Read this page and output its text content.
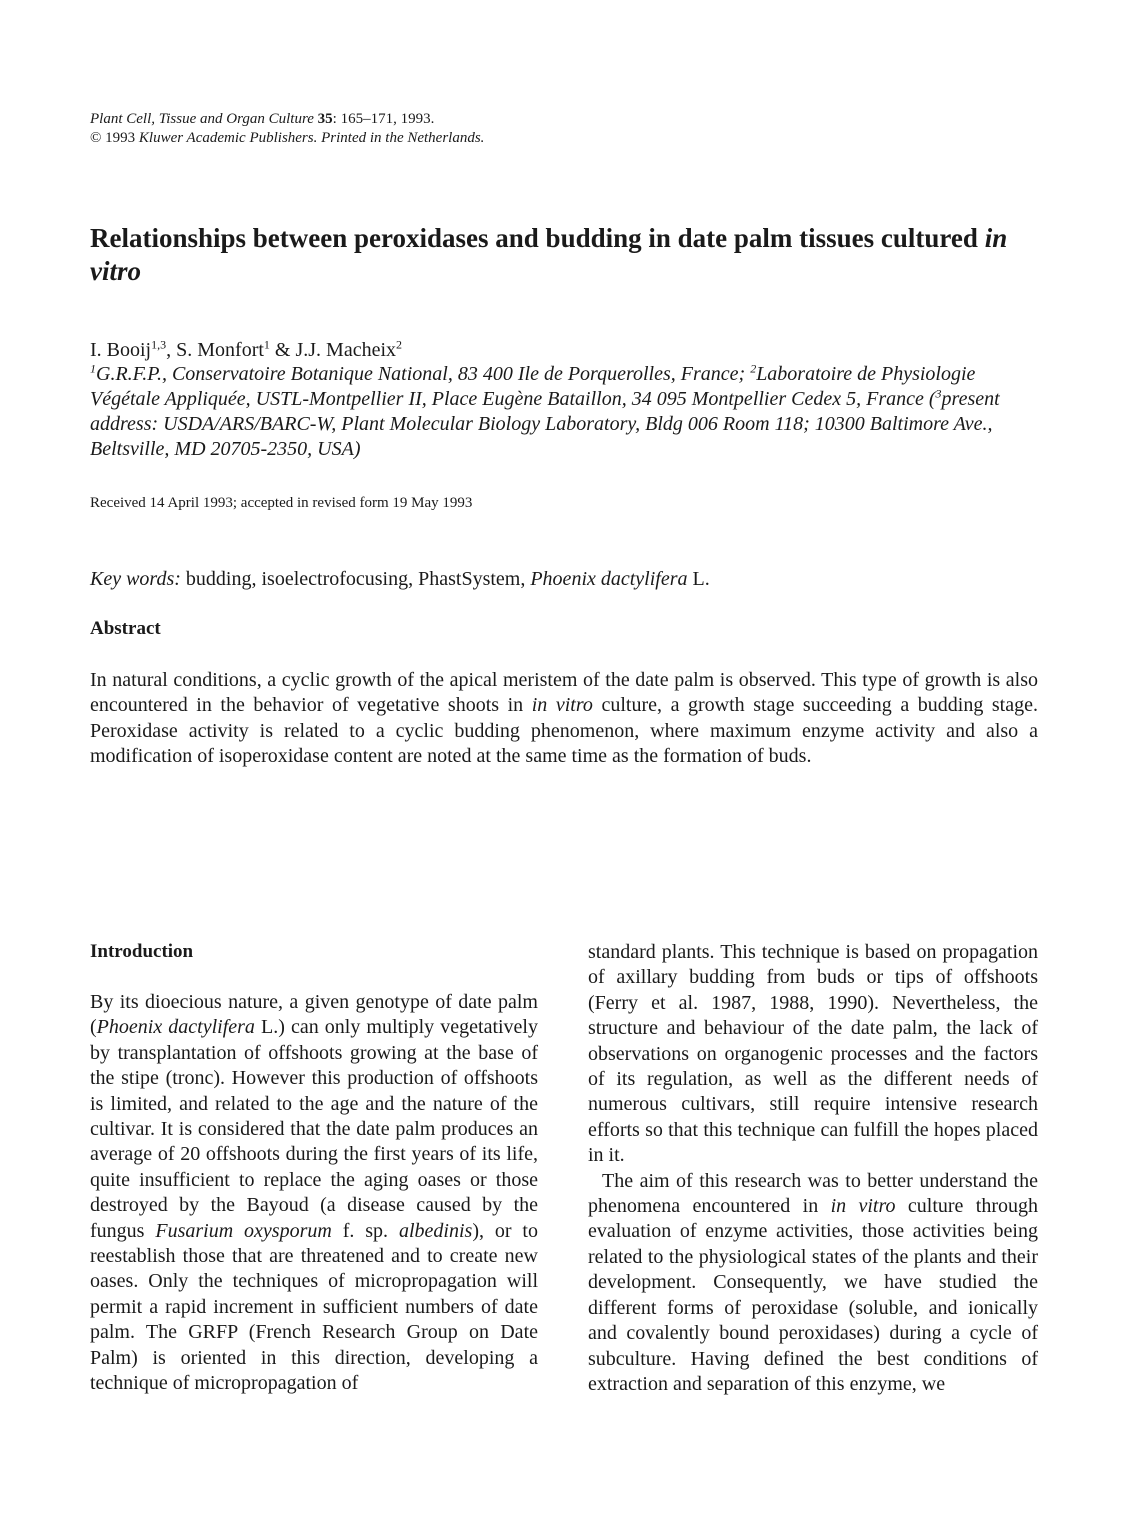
Plant Cell, Tissue and Organ Culture 35: 165–171, 1993.
© 1993 Kluwer Academic Publishers. Printed in the Netherlands.
Relationships between peroxidases and budding in date palm tissues cultured in vitro
I. Booij$^{1,3}$, S. Monfort$^1$ & J.J. Macheix$^2$
$^1$G.R.F.P., Conservatoire Botanique National, 83 400 Ile de Porquerolles, France; $^2$Laboratoire de Physiologie Végétale Appliquée, USTL-Montpellier II, Place Eugène Bataillon, 34 095 Montpellier Cedex 5, France ($^3$present address: USDA/ARS/BARC-W, Plant Molecular Biology Laboratory, Bldg 006 Room 118; 10300 Baltimore Ave., Beltsville, MD 20705-2350, USA)
Received 14 April 1993; accepted in revised form 19 May 1993
Key words: budding, isoelectrofocusing, PhastSystem, Phoenix dactylifera L.
Abstract

In natural conditions, a cyclic growth of the apical meristem of the date palm is observed. This type of growth is also encountered in the behavior of vegetative shoots in in vitro culture, a growth stage succeeding a budding stage. Peroxidase activity is related to a cyclic budding phenomenon, where maximum enzyme activity and also a modification of isoperoxidase content are noted at the same time as the formation of buds.

Introduction

By its dioecious nature, a given genotype of date palm (Phoenix dactylifera L.) can only multiply vegetatively by transplantation of offshoots growing at the base of the stipe (tronc). However this production of offshoots is limited, and related to the age and the nature of the cultivar. It is considered that the date palm produces an average of 20 offshoots during the first years of its life, quite insufficient to replace the aging oases or those destroyed by the Bayoud (a disease caused by the fungus Fusarium oxysporum f. sp. albedinis), or to reestablish those that are threatened and to create new oases. Only the techniques of micropropagation will permit a rapid increment in sufficient numbers of date palm. The GRFP (French Research Group on Date Palm) is oriented in this direction, developing a technique of micropropagation of

standard plants. This technique is based on propagation of axillary budding from buds or tips of offshoots (Ferry et al. 1987, 1988, 1990). Nevertheless, the structure and behaviour of the date palm, the lack of observations on organogenic processes and the factors of its regulation, as well as the different needs of numerous cultivars, still require intensive research efforts so that this technique can fulfill the hopes placed in it.

The aim of this research was to better understand the phenomena encountered in in vitro culture through evaluation of enzyme activities, those activities being related to the physiological states of the plants and their development. Consequently, we have studied the different forms of peroxidase (soluble, and ionically and covalently bound peroxidases) during a cycle of subculture. Having defined the best conditions of extraction and separation of this enzyme, we
